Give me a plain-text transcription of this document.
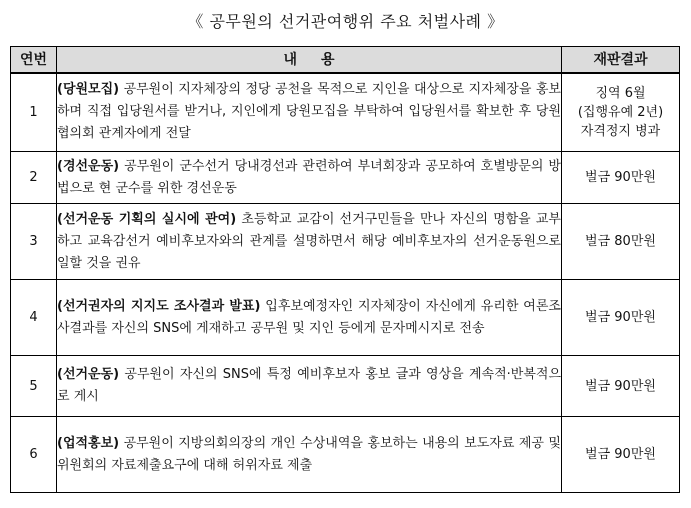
《 공무원의 선거관여행위 주요 처벌사례 》
연번	내용	재판결과
1	(당원모집) 공무원이 지자체장의 정당 공천을 목적으로 지인을 대상으로 지자체장을 홍보하며 직접 입당원서를 받거나, 지인에게 당원모집을 부탁하여 입당원서를 확보한 후 당원협의회 관계자에게 전달	징역 6월
(집행유예 2년)
자격정지 병과

2	(경선운동) 공무원이 군수선거 당내경선과 관련하여 부녀회장과 공모하여 호별방문의 방법으로 현 군수를 위한 경선운동	벌금 90만원

3	(선거운동 기획의 실시에 관여) 초등학교 교감이 선거구민들을 만나 자신의 명함을 교부하고 교육감선거 예비후보자와의 관계를 설명하면서 해당 예비후보자의 선거운동원으로 일할 것을 권유	벌금 80만원

4	(선거권자의 지지도 조사결과 발표) 입후보예정자인 지자체장이 자신에게 유리한 여론조사결과를 자신의 SNS에 게재하고 공무원 및 지인 등에게 문자메시지로 전송	벌금 90만원

5	(선거운동) 공무원이 자신의 SNS에 특정 예비후보자 홍보 글과 영상을 계속적·반복적으로 게시	벌금 90만원

6	(업적홍보) 공무원이 지방의회의장의 개인 수상내역을 홍보하는 내용의 보도자료 제공 및 위원회의 자료제출요구에 대해 허위자료 제출	벌금 90만원
